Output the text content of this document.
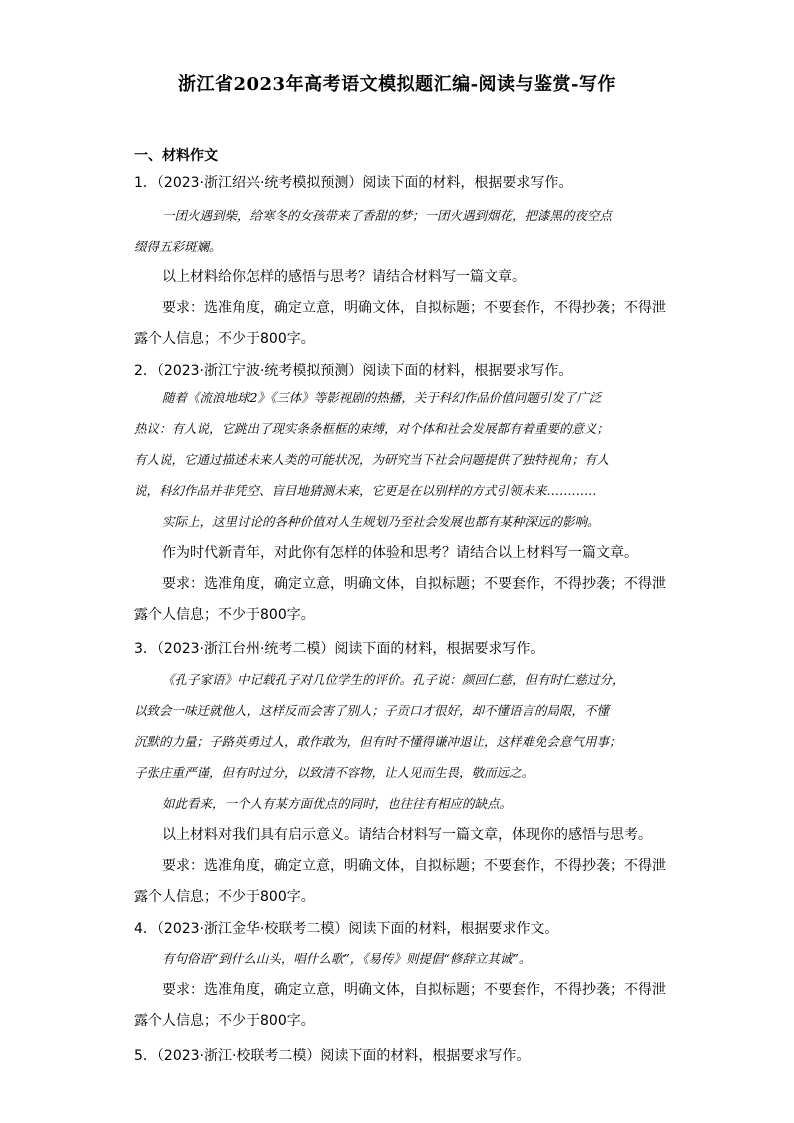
浙江省2023年高考语文模拟题汇编-阅读与鉴赏-写作
一、材料作文
1．（2023·浙江绍兴·统考模拟预测）阅读下面的材料，根据要求写作。
一团火遇到柴，给寒冬的女孩带来了香甜的梦；一团火遇到烟花，把漆黑的夜空点
缀得五彩斑斓。
以上材料给你怎样的感悟与思考？请结合材料写一篇文章。
要求：选准角度，确定立意，明确文体，自拟标题；不要套作，不得抄袭；不得泄
露个人信息；不少于800字。
2．（2023·浙江宁波·统考模拟预测）阅读下面的材料，根据要求写作。
随着《流浪地球2》《三体》等影视剧的热播，关于科幻作品价值问题引发了广泛
热议：有人说，它跳出了现实条条框框的束缚，对个体和社会发展都有着重要的意义；
有人说，它通过描述未来人类的可能状况，为研究当下社会问题提供了独特视角；有人
说，科幻作品并非凭空、盲目地猜测未来，它更是在以别样的方式引领未来…………
实际上，这里讨论的各种价值对人生规划乃至社会发展也都有某种深远的影响。
作为时代新青年，对此你有怎样的体验和思考？请结合以上材料写一篇文章。
要求：选准角度，确定立意，明确文体，自拟标题；不要套作，不得抄袭；不得泄
露个人信息；不少于800字。
3．（2023·浙江台州·统考二模）阅读下面的材料，根据要求写作。
《孔子家语》中记载孔子对几位学生的评价。孔子说：颜回仁慈，但有时仁慈过分，
以致会一味迁就他人，这样反而会害了别人；子贡口才很好，却不懂语言的局限，不懂
沉默的力量；子路英勇过人，敢作敢为，但有时不懂得谦冲退让，这样难免会意气用事；
子张庄重严谨，但有时过分，以致清不容物，让人见而生畏，敬而远之。
如此看来，一个人有某方面优点的同时，也往往有相应的缺点。
以上材料对我们具有启示意义。请结合材料写一篇文章，体现你的感悟与思考。
要求：选准角度，确定立意，明确文体，自拟标题；不要套作，不得抄袭；不得泄
露个人信息；不少于800字。
4．（2023·浙江金华·校联考二模）阅读下面的材料，根据要求作文。
有句俗语“到什么山头，唱什么歌”，《易传》则提倡“修辞立其诚”。
要求：选准角度，确定立意，明确文体，自拟标题；不要套作，不得抄袭；不得泄
露个人信息；不少于800字。
5．（2023·浙江·校联考二模）阅读下面的材料，根据要求写作。
